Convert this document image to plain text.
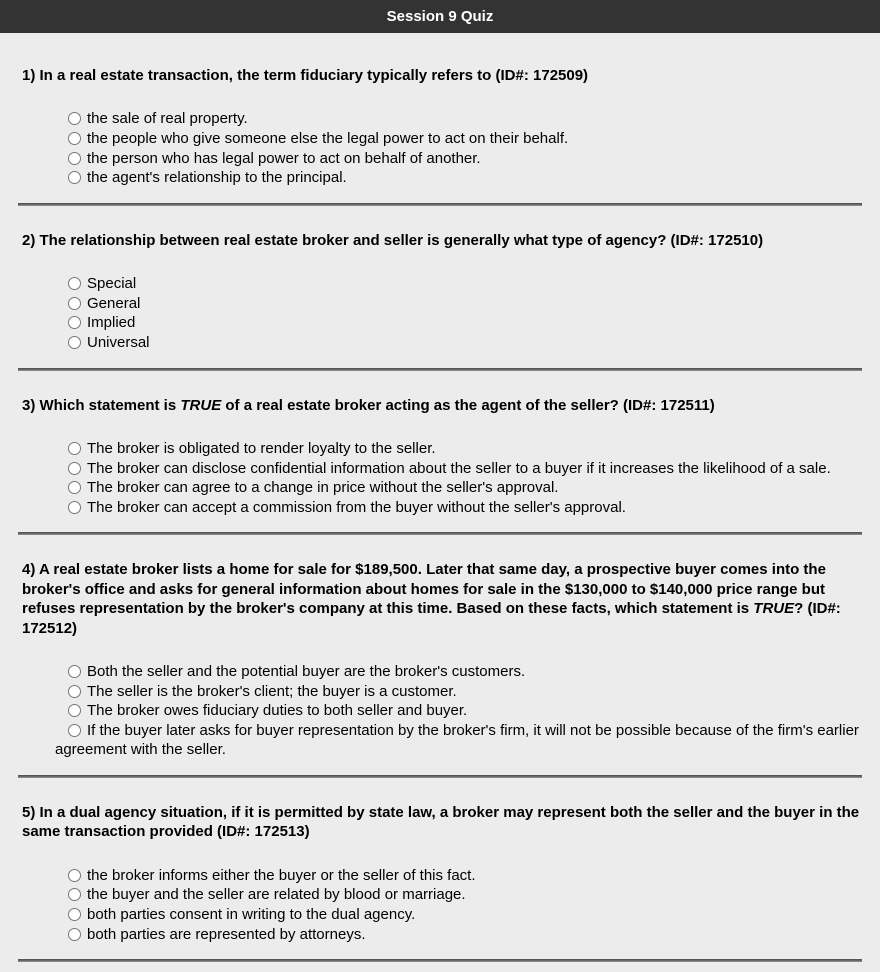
Session 9 Quiz

1) In a real estate transaction, the term fiduciary typically refers to (ID#: 172509)

the sale of real property.
the people who give someone else the legal power to act on their behalf.
the person who has legal power to act on behalf of another.
the agent's relationship to the principal.

2) The relationship between real estate broker and seller is generally what type of agency? (ID#: 172510)

Special
General
Implied
Universal

3) Which statement is TRUE of a real estate broker acting as the agent of the seller? (ID#: 172511)

The broker is obligated to render loyalty to the seller.
The broker can disclose confidential information about the seller to a buyer if it increases the likelihood of a sale.
The broker can agree to a change in price without the seller's approval.
The broker can accept a commission from the buyer without the seller's approval.

4) A real estate broker lists a home for sale for $189,500. Later that same day, a prospective buyer comes into the broker's office and asks for general information about homes for sale in the $130,000 to $140,000 price range but refuses representation by the broker's company at this time. Based on these facts, which statement is TRUE? (ID#: 172512)

Both the seller and the potential buyer are the broker's customers.
The seller is the broker's client; the buyer is a customer.
The broker owes fiduciary duties to both seller and buyer.
If the buyer later asks for buyer representation by the broker's firm, it will not be possible because of the firm's earlier agreement with the seller.

5) In a dual agency situation, if it is permitted by state law, a broker may represent both the seller and the buyer in the same transaction provided (ID#: 172513)

the broker informs either the buyer or the seller of this fact.
the buyer and the seller are related by blood or marriage.
both parties consent in writing to the dual agency.
both parties are represented by attorneys.
